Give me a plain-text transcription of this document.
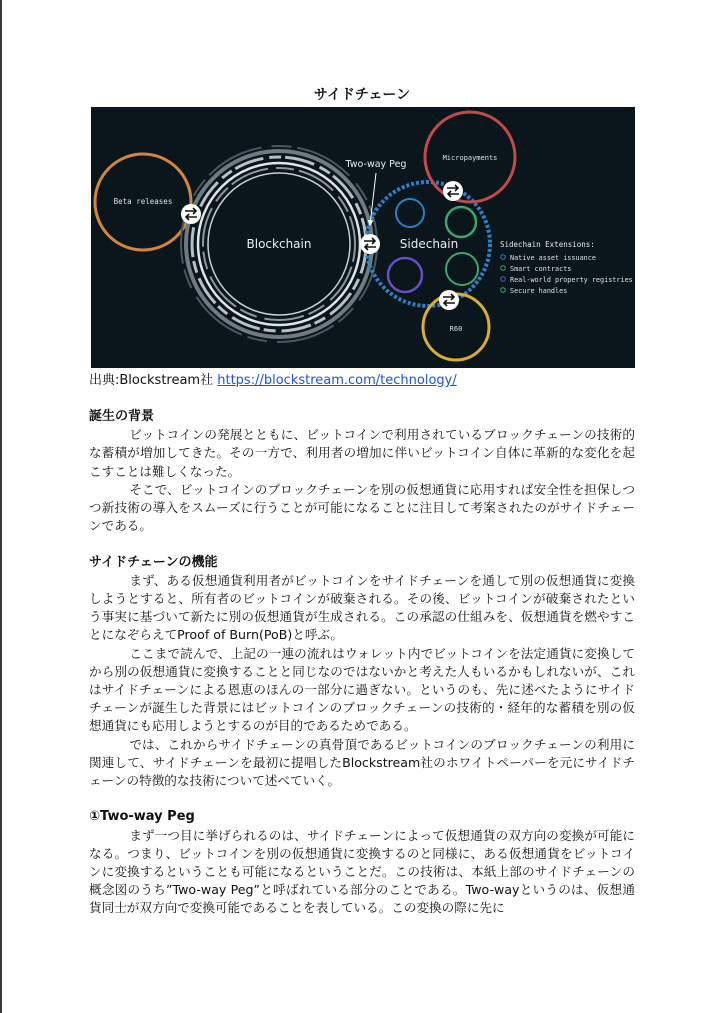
サイドチェーン
Beta releases
Blockchain	Sidechain
Micropayments
R60
Two-way Peg
Sidechain Extensions:
Native asset issuance
Smart contracts
Real-world property registries
Secure handles
出典:Blockstream社 https://blockstream.com/technology/

誕生の背景

ビットコインの発展とともに、ビットコインで利用されているブロックチェーンの技術的な蓄積が増加してきた。その一方で、利用者の増加に伴いビットコイン自体に革新的な変化を起こすことは難しくなった。

そこで、ビットコインのブロックチェーンを別の仮想通貨に応用すれば安全性を担保しつつ新技術の導入をスムーズに行うことが可能になることに注目して考案されたのがサイドチェーンである。

サイドチェーンの機能

まず、ある仮想通貨利用者がビットコインをサイドチェーンを通して別の仮想通貨に変換しようとすると、所有者のビットコインが破棄される。その後、ビットコインが破棄されたという事実に基づいて新たに別の仮想通貨が生成される。この承認の仕組みを、仮想通貨を燃やすことになぞらえてProof of Burn(PoB)と呼ぶ。

ここまで読んで、上記の一連の流れはウォレット内でビットコインを法定通貨に変換してから別の仮想通貨に変換することと同じなのではないかと考えた人もいるかもしれないが、これはサイドチェーンによる恩恵のほんの一部分に過ぎない。というのも、先に述べたようにサイドチェーンが誕生した背景にはビットコインのブロックチェーンの技術的・経年的な蓄積を別の仮想通貨にも応用しようとするのが目的であるためである。

では、これからサイドチェーンの真骨頂であるビットコインのブロックチェーンの利用に関連して、サイドチェーンを最初に提唱したBlockstream社のホワイトペーパーを元にサイドチェーンの特徴的な技術について述べていく。

①Two-way Peg

まず一つ目に挙げられるのは、サイドチェーンによって仮想通貨の双方向の変換が可能になる。つまり、ビットコインを別の仮想通貨に変換するのと同様に、ある仮想通貨をビットコインに変換するということも可能になるということだ。この技術は、本紙上部のサイドチェーンの概念図のうち”Two-way Peg”と呼ばれている部分のことである。Two-wayというのは、仮想通貨同士が双方向で変換可能であることを表している。この変換の際に先に
